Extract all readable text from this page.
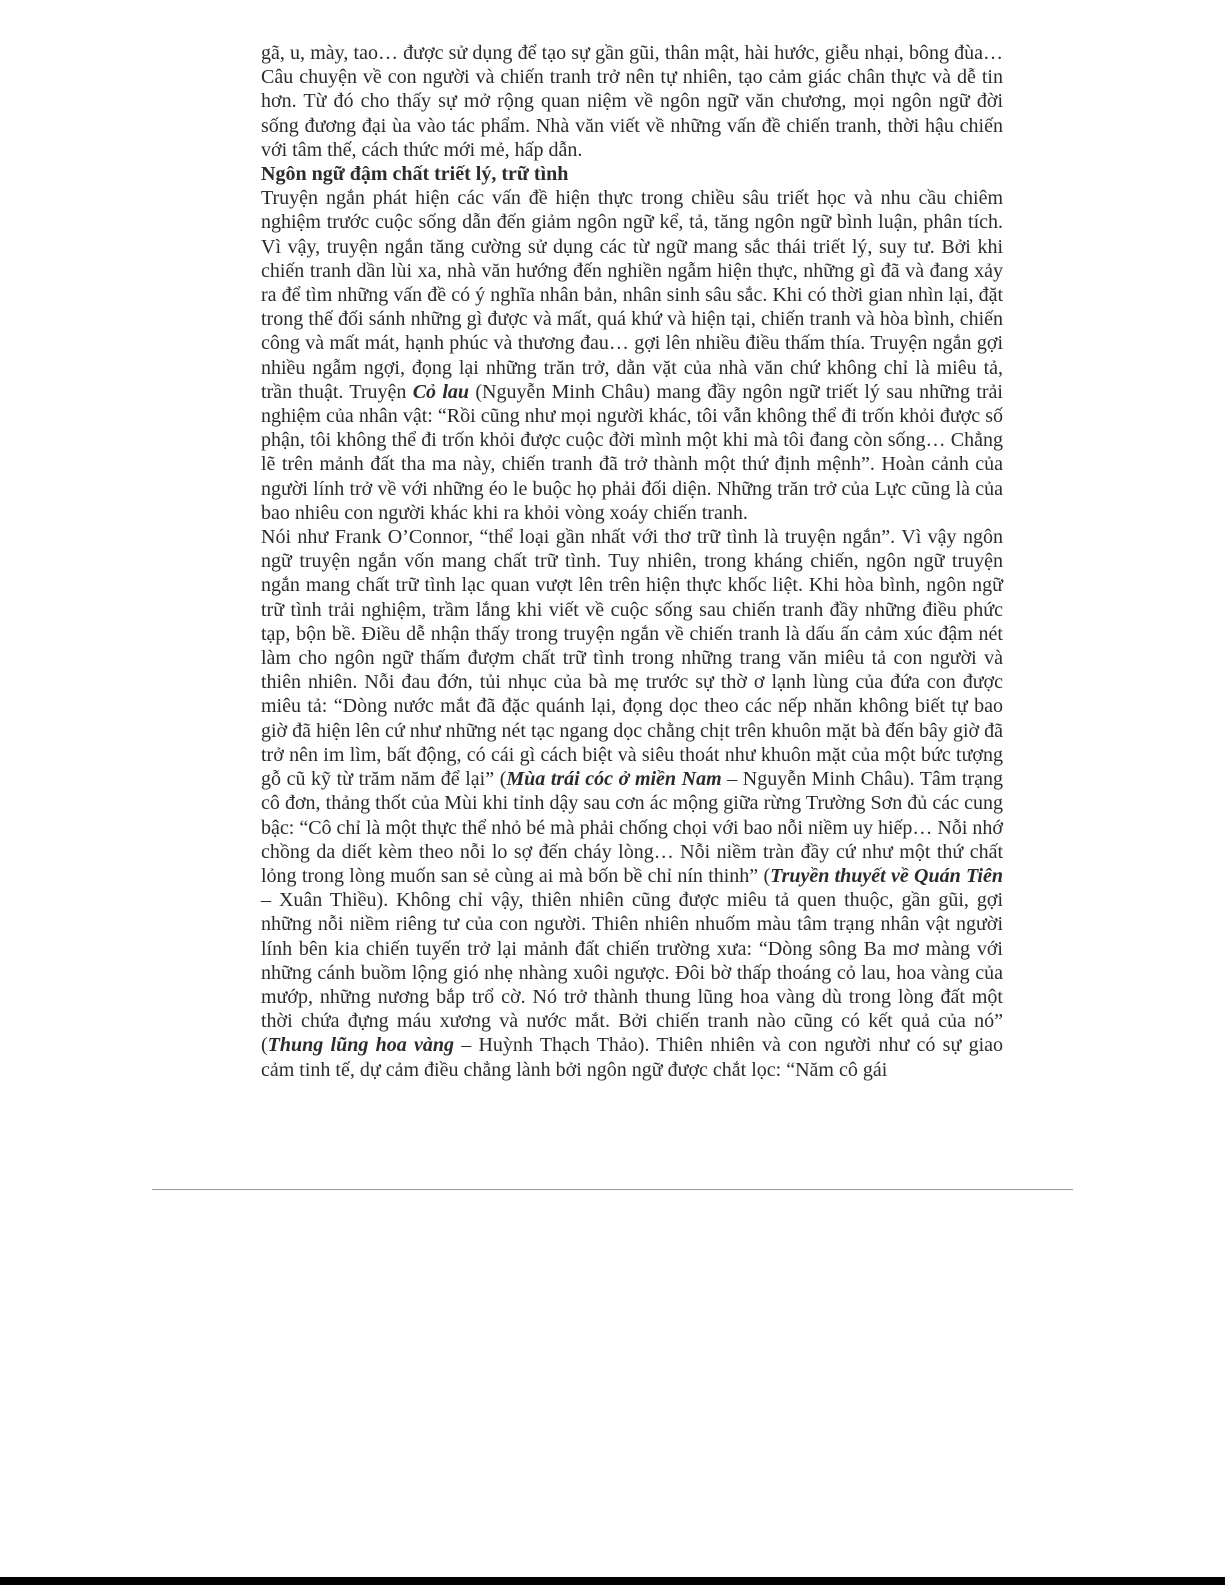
gã, u, mày, tao… được sử dụng để tạo sự gần gũi, thân mật, hài hước, giễu nhại, bông đùa… Câu chuyện về con người và chiến tranh trở nên tự nhiên, tạo cảm giác chân thực và dễ tin hơn. Từ đó cho thấy sự mở rộng quan niệm về ngôn ngữ văn chương, mọi ngôn ngữ đời sống đương đại ùa vào tác phẩm. Nhà văn viết về những vấn đề chiến tranh, thời hậu chiến với tâm thế, cách thức mới mẻ, hấp dẫn.

Ngôn ngữ đậm chất triết lý, trữ tình

Truyện ngắn phát hiện các vấn đề hiện thực trong chiều sâu triết học và nhu cầu chiêm nghiệm trước cuộc sống dẫn đến giảm ngôn ngữ kể, tả, tăng ngôn ngữ bình luận, phân tích. Vì vậy, truyện ngắn tăng cường sử dụng các từ ngữ mang sắc thái triết lý, suy tư. Bởi khi chiến tranh dần lùi xa, nhà văn hướng đến nghiền ngẫm hiện thực, những gì đã và đang xảy ra để tìm những vấn đề có ý nghĩa nhân bản, nhân sinh sâu sắc. Khi có thời gian nhìn lại, đặt trong thế đối sánh những gì được và mất, quá khứ và hiện tại, chiến tranh và hòa bình, chiến công và mất mát, hạnh phúc và thương đau… gợi lên nhiều điều thấm thía. Truyện ngắn gợi nhiều ngẫm ngợi, đọng lại những trăn trở, dằn vặt của nhà văn chứ không chỉ là miêu tả, trần thuật. Truyện Cỏ lau (Nguyễn Minh Châu) mang đầy ngôn ngữ triết lý sau những trải nghiệm của nhân vật: “Rồi cũng như mọi người khác, tôi vẫn không thể đi trốn khỏi được số phận, tôi không thể đi trốn khỏi được cuộc đời mình một khi mà tôi đang còn sống… Chẳng lẽ trên mảnh đất tha ma này, chiến tranh đã trở thành một thứ định mệnh”. Hoàn cảnh của người lính trở về với những éo le buộc họ phải đối diện. Những trăn trở của Lực cũng là của bao nhiêu con người khác khi ra khỏi vòng xoáy chiến tranh.

Nói như Frank O’Connor, “thể loại gần nhất với thơ trữ tình là truyện ngắn”. Vì vậy ngôn ngữ truyện ngắn vốn mang chất trữ tình. Tuy nhiên, trong kháng chiến, ngôn ngữ truyện ngắn mang chất trữ tình lạc quan vượt lên trên hiện thực khốc liệt. Khi hòa bình, ngôn ngữ trữ tình trải nghiệm, trầm lắng khi viết về cuộc sống sau chiến tranh đầy những điều phức tạp, bộn bề. Điều dễ nhận thấy trong truyện ngắn về chiến tranh là dấu ấn cảm xúc đậm nét làm cho ngôn ngữ thấm đượm chất trữ tình trong những trang văn miêu tả con người và thiên nhiên. Nỗi đau đớn, tủi nhục của bà mẹ trước sự thờ ơ lạnh lùng của đứa con được miêu tả: “Dòng nước mắt đã đặc quánh lại, đọng dọc theo các nếp nhăn không biết tự bao giờ đã hiện lên cứ như những nét tạc ngang dọc chằng chịt trên khuôn mặt bà đến bây giờ đã trở nên im lìm, bất động, có cái gì cách biệt và siêu thoát như khuôn mặt của một bức tượng gỗ cũ kỹ từ trăm năm để lại” (Mùa trái cóc ở miền Nam – Nguyễn Minh Châu). Tâm trạng cô đơn, thảng thốt của Mùi khi tỉnh dậy sau cơn ác mộng giữa rừng Trường Sơn đủ các cung bậc: “Cô chỉ là một thực thể nhỏ bé mà phải chống chọi với bao nỗi niềm uy hiếp… Nỗi nhớ chồng da diết kèm theo nỗi lo sợ đến cháy lòng… Nỗi niềm tràn đầy cứ như một thứ chất lỏng trong lòng muốn san sẻ cùng ai mà bốn bề chỉ nín thinh” (Truyền thuyết về Quán Tiên – Xuân Thiều). Không chỉ vậy, thiên nhiên cũng được miêu tả quen thuộc, gần gũi, gợi những nỗi niềm riêng tư của con người. Thiên nhiên nhuốm màu tâm trạng nhân vật người lính bên kia chiến tuyến trở lại mảnh đất chiến trường xưa: “Dòng sông Ba mơ màng với những cánh buồm lộng gió nhẹ nhàng xuôi ngược. Đôi bờ thấp thoáng cỏ lau, hoa vàng của mướp, những nương bắp trổ cờ. Nó trở thành thung lũng hoa vàng dù trong lòng đất một thời chứa đựng máu xương và nước mắt. Bởi chiến tranh nào cũng có kết quả của nó” (Thung lũng hoa vàng – Huỳnh Thạch Thảo). Thiên nhiên và con người như có sự giao cảm tinh tế, dự cảm điều chẳng lành bởi ngôn ngữ được chắt lọc: “Năm cô gái
